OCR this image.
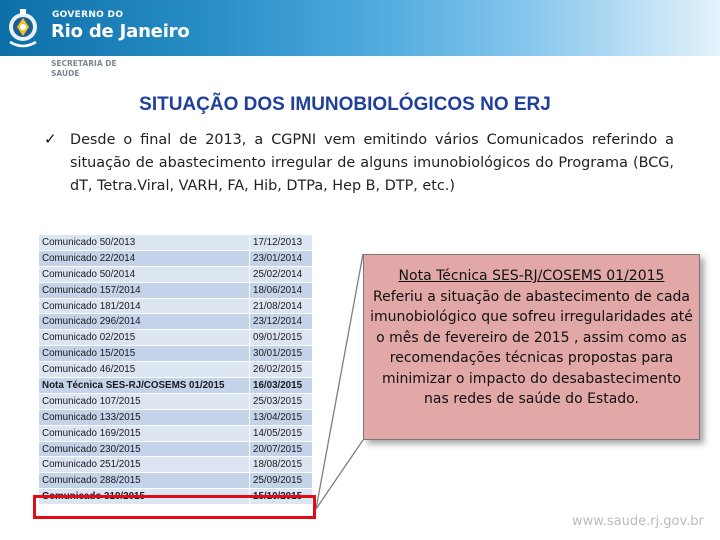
GOVERNO DO
Rio de Janeiro
SECRETARIA DE
SAÚDE
SITUAÇÃO DOS IMUNOBIOLÓGICOS NO ERJ
✓ Desde o final de 2013, a CGPNI vem emitindo vários Comunicados referindo a situação de abastecimento irregular de alguns imunobiológicos do Programa (BCG, dT, Tetra.Viral, VARH, FA, Hib, DTPa, Hep B, DTP, etc.)
Comunicado 50/2013	17/12/2013
Comunicado 22/2014	23/01/2014
Comunicado 50/2014	25/02/2014
Comunicado 157/2014	18/06/2014
Comunicado 181/2014	21/08/2014
Comunicado 296/2014	23/12/2014
Comunicado 02/2015	09/01/2015
Comunicado 15/2015	30/01/2015
Comunicado 46/2015	26/02/2015
Nota Técnica SES-RJ/COSEMS 01/2015	16/03/2015
Comunicado 107/2015	25/03/2015
Comunicado 133/2015	13/04/2015
Comunicado 169/2015	14/05/2015
Comunicado 230/2015	20/07/2015
Comunicado 251/2015	18/08/2015
Comunicado 288/2015	25/09/2015
Comunicado 319/2015	15/10/2015
Nota Técnica SES-RJ/COSEMS 01/2015
Referiu a situação de abastecimento de cada imunobiológico que sofreu irregularidades até o mês de fevereiro de 2015 , assim como as recomendações técnicas propostas para minimizar o impacto do desabastecimento nas redes de saúde do Estado.
www.saude.rj.gov.br
